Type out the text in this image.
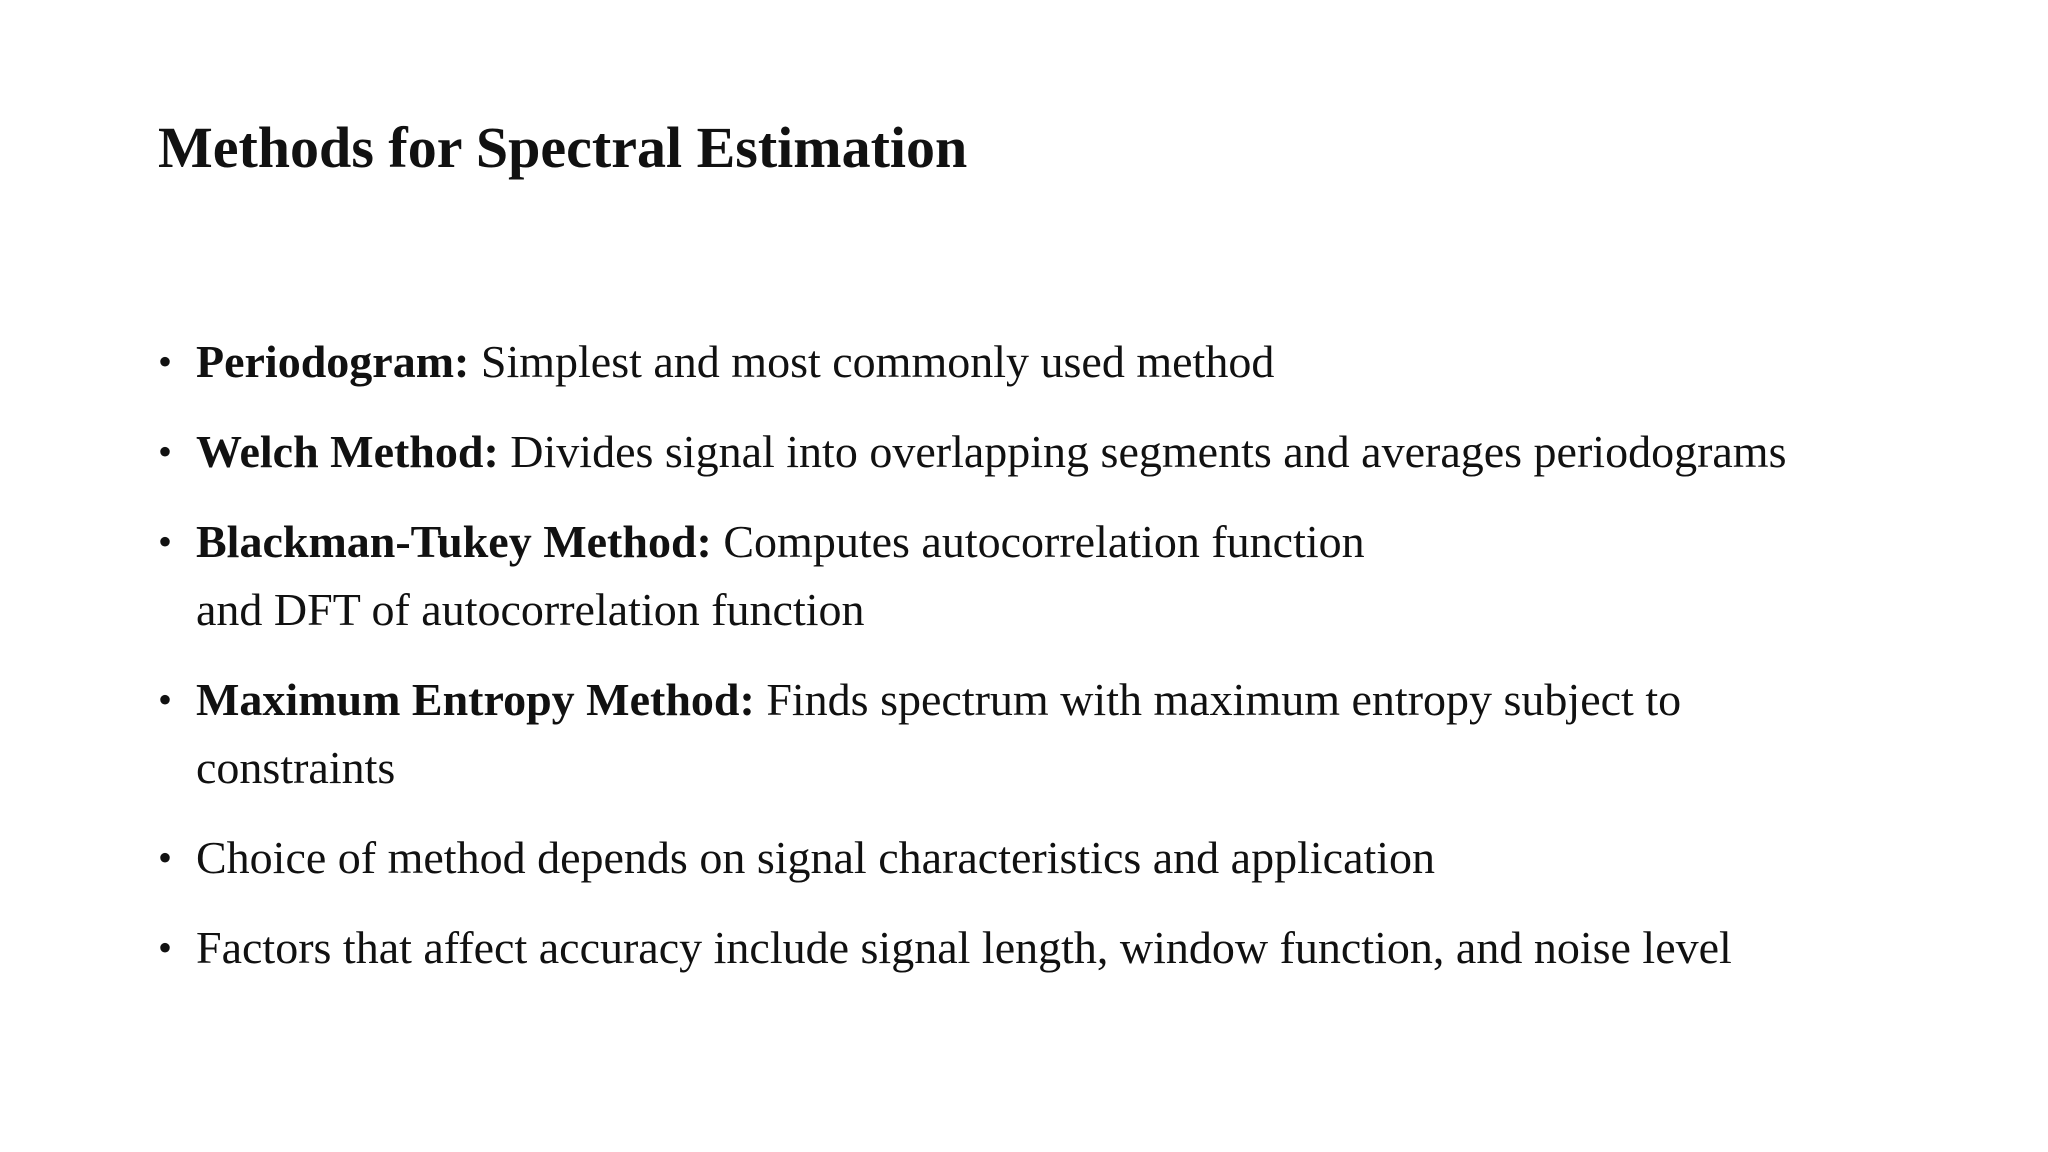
Methods for Spectral Estimation
• Periodogram: Simplest and most commonly used method
• Welch Method: Divides signal into overlapping segments and averages periodograms
• Blackman-Tukey Method: Computes autocorrelation function
and DFT of autocorrelation function
• Maximum Entropy Method: Finds spectrum with maximum entropy subject to
constraints
• Choice of method depends on signal characteristics and application
• Factors that affect accuracy include signal length, window function, and noise level
